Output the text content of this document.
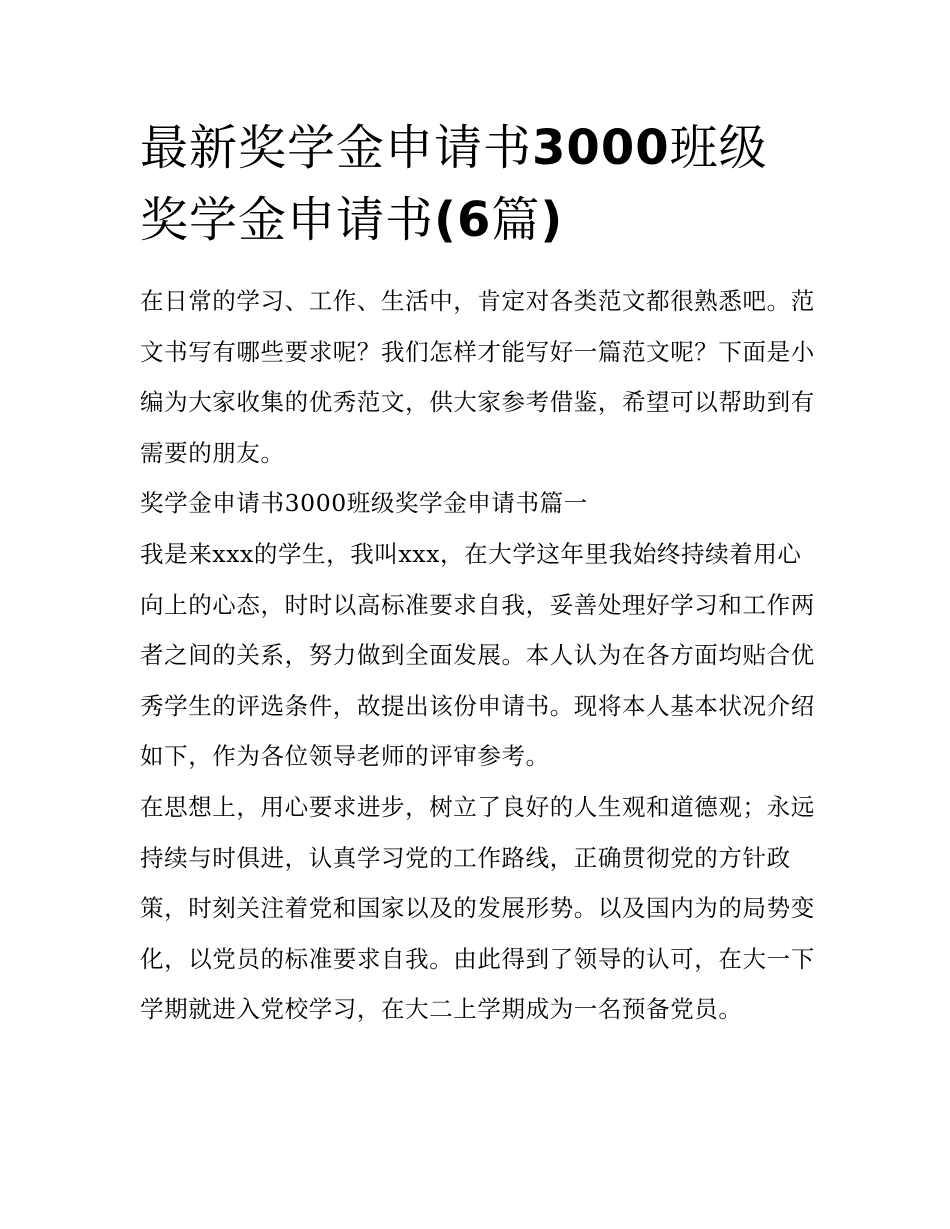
最新奖学金申请书3000班级
奖学金申请书(6篇)

在日常的学习、工作、生活中，肯定对各类范文都很熟悉吧。范文书写有哪些要求呢？我们怎样才能写好一篇范文呢？下面是小编为大家收集的优秀范文，供大家参考借鉴，希望可以帮助到有需要的朋友。

奖学金申请书3000班级奖学金申请书篇一

我是来xxx的学生，我叫xxx，在大学这年里我始终持续着用心向上的心态，时时以高标准要求自我，妥善处理好学习和工作两者之间的关系，努力做到全面发展。本人认为在各方面均贴合优秀学生的评选条件，故提出该份申请书。现将本人基本状况介绍如下，作为各位领导老师的评审参考。

在思想上，用心要求进步，树立了良好的人生观和道德观；永远持续与时俱进，认真学习党的工作路线，正确贯彻党的方针政策，时刻关注着党和国家以及的发展形势。以及国内为的局势变化，以党员的标准要求自我。由此得到了领导的认可，在大一下学期就进入党校学习，在大二上学期成为一名预备党员。
